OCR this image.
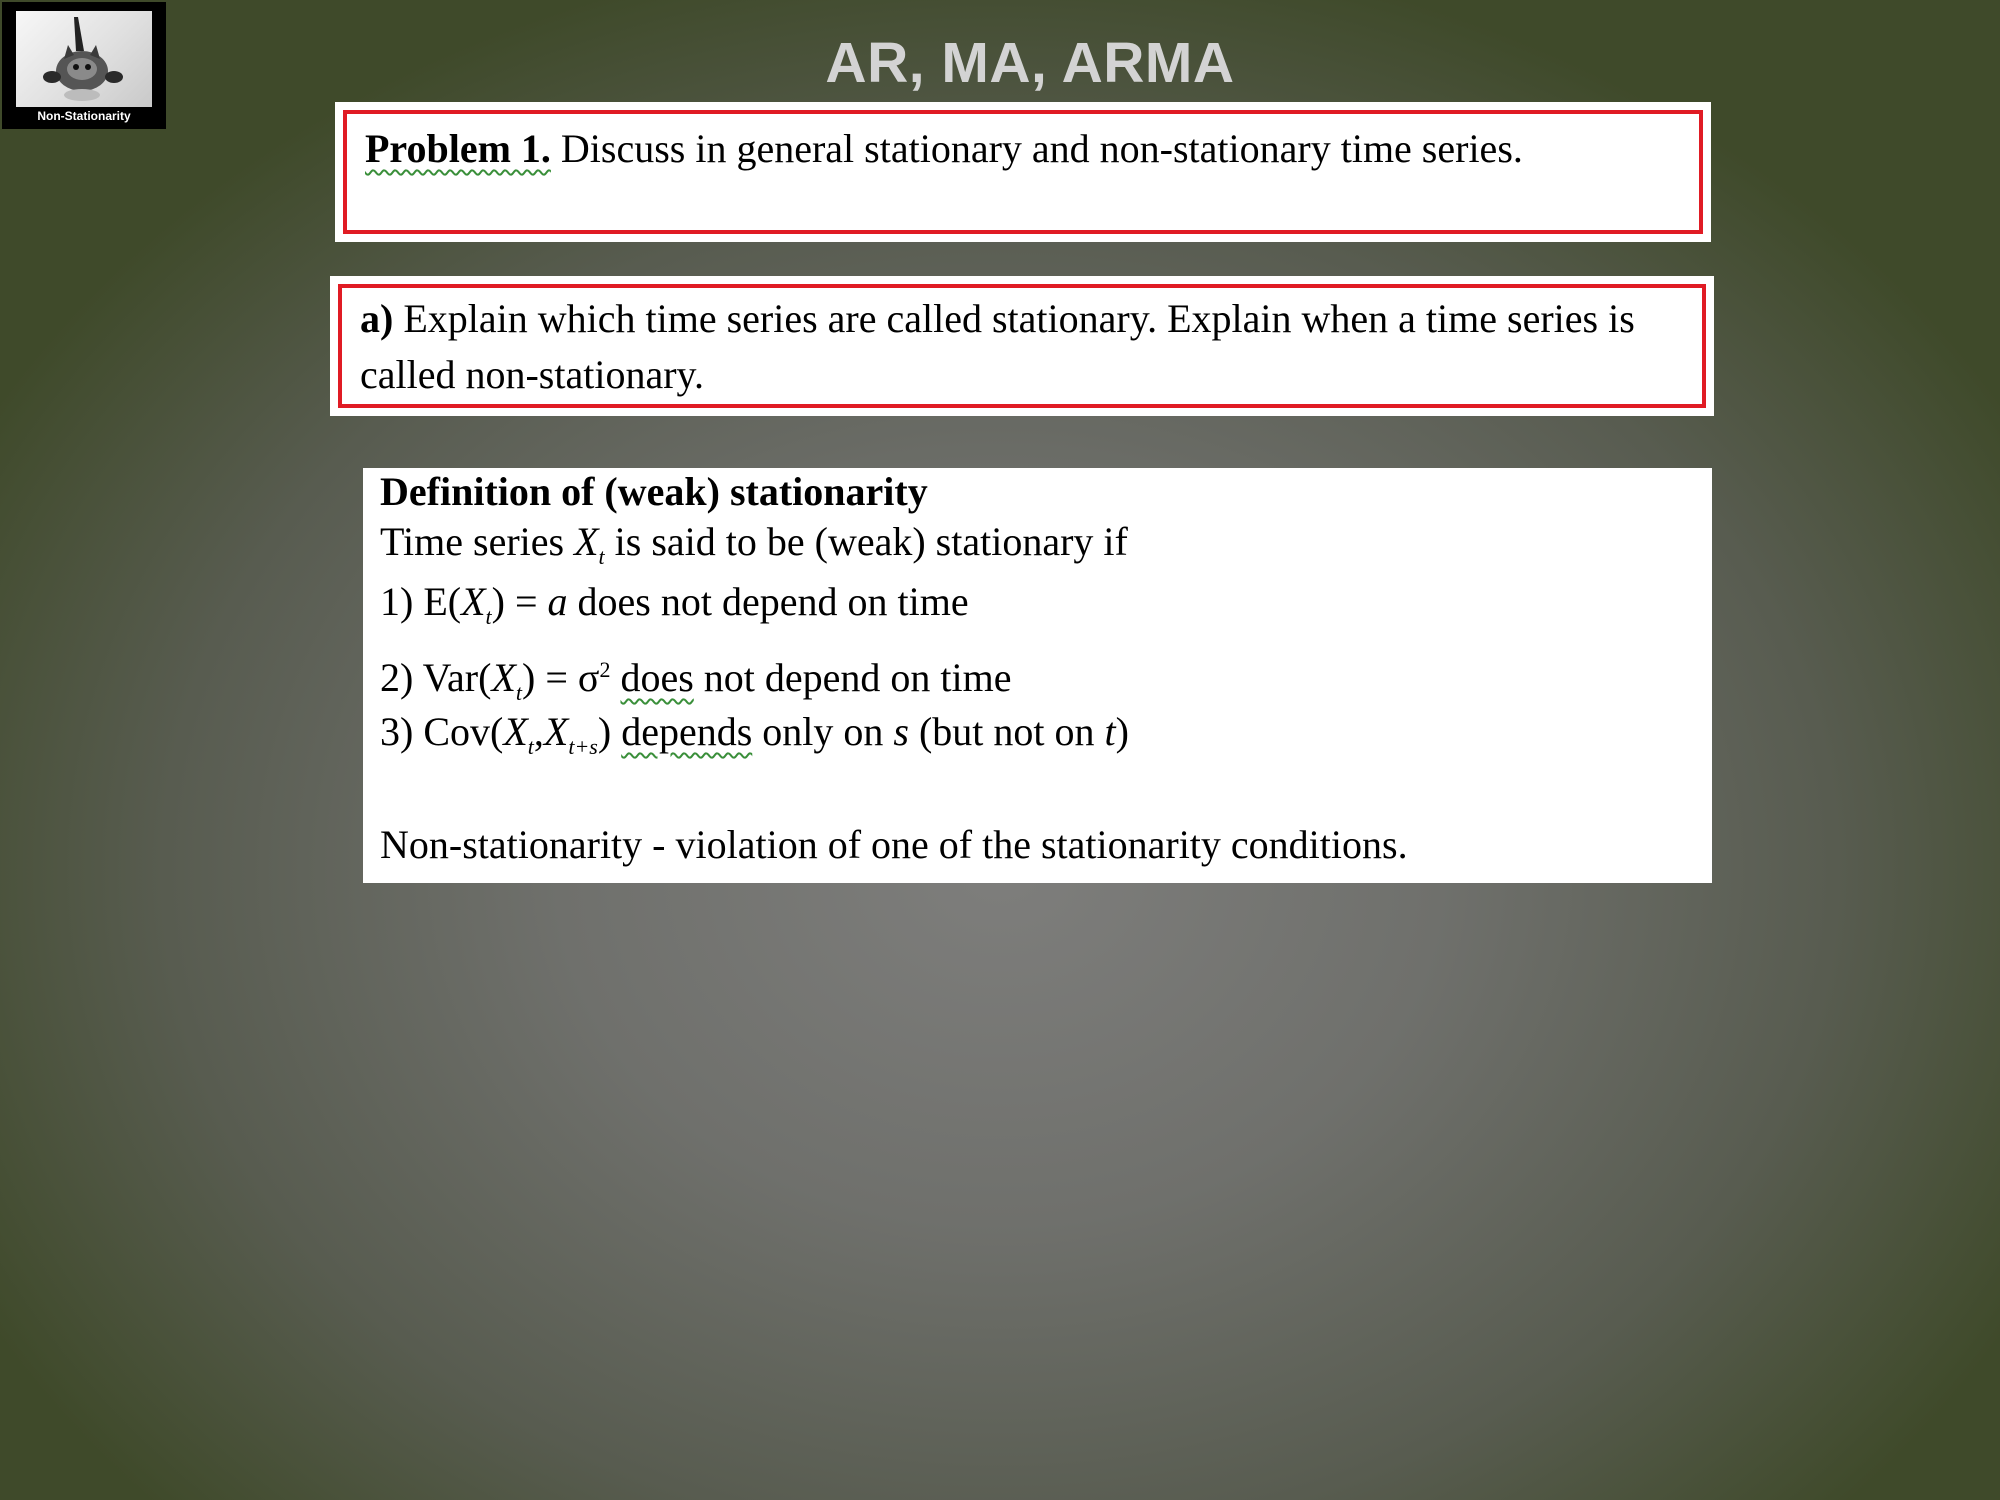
Non-Stationarity
AR, MA, ARMA
Problem 1. Discuss in general stationary and non-stationary time series.
a) Explain which time series are called stationary. Explain when a time series is called non-stationary.
Definition of (weak) stationarity
Time series $X_t$ is said to be (weak) stationary if
1) $E(X_t) = a$ does not depend on time
2) $Var(X_t) = \sigma^2$ does not depend on time
3) $Cov(X_t,X_{t+s})$ depends only on s (but not on t)
Non-stationarity - violation of one of the stationarity conditions.
